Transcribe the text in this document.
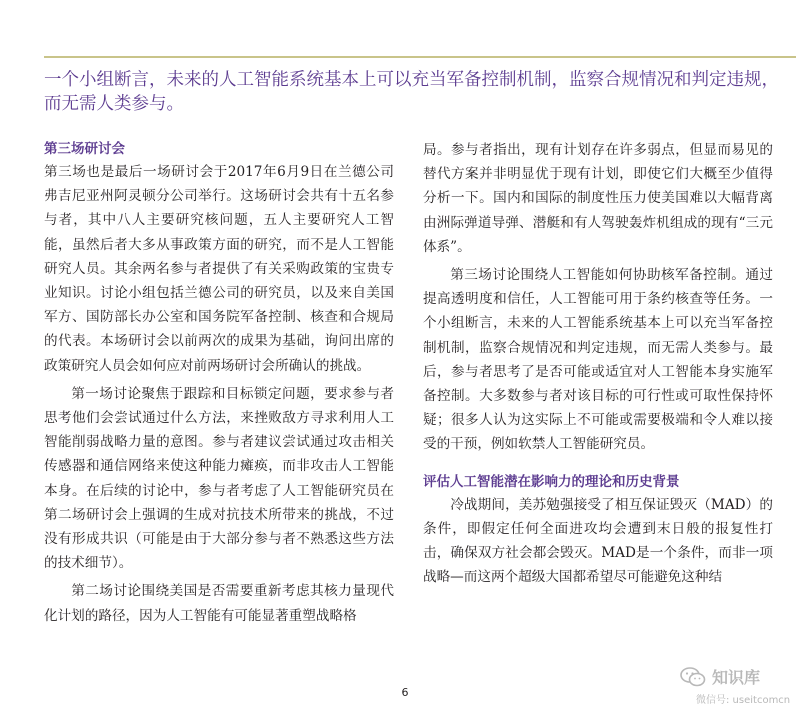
一个小组断言，未来的人工智能系统基本上可以充当军备控制机制，监察合规情况和判定违规，而无需人类参与。
第三场研讨会

第三场也是最后一场研讨会于2017年6月9日在兰德公司弗吉尼亚州阿灵顿分公司举行。这场研讨会共有十五名参与者，其中八人主要研究核问题，五人主要研究人工智能，虽然后者大多从事政策方面的研究，而不是人工智能研究人员。其余两名参与者提供了有关采购政策的宝贵专业知识。讨论小组包括兰德公司的研究员，以及来自美国军方、国防部长办公室和国务院军备控制、核查和合规局的代表。本场研讨会以前两次的成果为基础，询问出席的政策研究人员会如何应对前两场研讨会所确认的挑战。

第一场讨论聚焦于跟踪和目标锁定问题，要求参与者思考他们会尝试通过什么方法，来挫败敌方寻求利用人工智能削弱战略力量的意图。参与者建议尝试通过攻击相关传感器和通信网络来使这种能力瘫痪，而非攻击人工智能本身。在后续的讨论中，参与者考虑了人工智能研究员在第二场研讨会上强调的生成对抗技术所带来的挑战，不过没有形成共识（可能是由于大部分参与者不熟悉这些方法的技术细节）。

第二场讨论围绕美国是否需要重新考虑其核力量现代化计划的路径，因为人工智能有可能显著重塑战略格

局。参与者指出，现有计划存在许多弱点，但显而易见的替代方案并非明显优于现有计划，即使它们大概至少值得分析一下。国内和国际的制度性压力使美国难以大幅背离由洲际弹道导弹、潜艇和有人驾驶轰炸机组成的现有“三元体系”。

第三场讨论围绕人工智能如何协助核军备控制。通过提高透明度和信任，人工智能可用于条约核查等任务。一个小组断言，未来的人工智能系统基本上可以充当军备控制机制，监察合规情况和判定违规，而无需人类参与。最后，参与者思考了是否可能或适宜对人工智能本身实施军备控制。大多数参与者对该目标的可行性或可取性保持怀疑；很多人认为这实际上不可能或需要极端和令人难以接受的干预，例如软禁人工智能研究员。

评估人工智能潜在影响力的理论和历史背景

冷战期间，美苏勉强接受了相互保证毁灭（MAD）的条件，即假定任何全面进攻均会遭到末日般的报复性打击，确保双方社会都会毁灭。MAD是一个条件，而非一项战略—而这两个超级大国都希望尽可能避免这种结

6
知识库
微信号: useitcomcn
